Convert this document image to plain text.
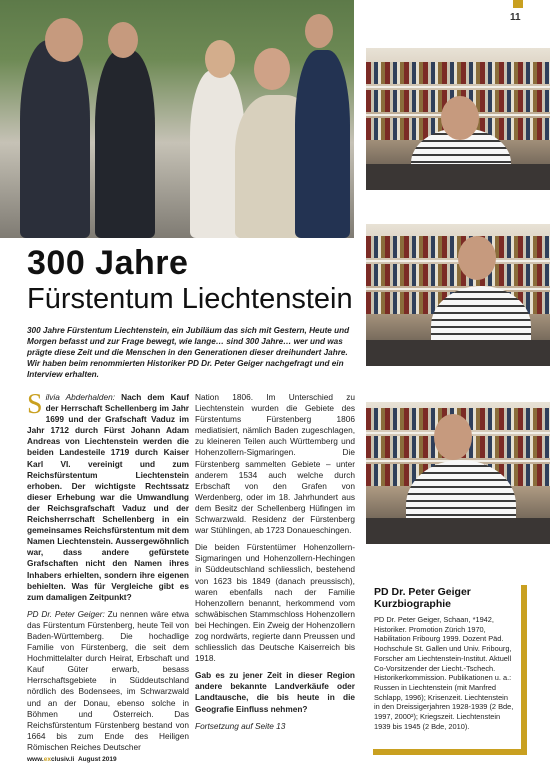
11
300 Jahre
Fürstentum Liechtenstein
300 Jahre Fürstentum Liechtenstein, ein Jubiläum das sich mit Gestern, Heute und Morgen befasst und zur Frage bewegt, wie lange… sind 300 Jahre… wer und was prägte diese Zeit und die Menschen in den Generationen dieser dreihundert Jahre. Wir haben beim renommierten Historiker PD Dr. Peter Geiger nachgefragt und ein Interview erhalten.

Silvia Abderhalden: Nach dem Kauf der Herrschaft Schellenberg im Jahr 1699 und der Grafschaft Vaduz im Jahr 1712 durch Fürst Johann Adam Andreas von Liechtenstein werden die beiden Landesteile 1719 durch Kaiser Karl VI. vereinigt und zum Reichsfürstentum Liechtenstein erhoben. Der wichtigste Rechtssatz dieser Erhebung war die Umwandlung der Reichsgrafschaft Vaduz und der Reichsherrschaft Schellenberg in ein gemeinsames Reichsfürstentum mit dem Namen Liechtenstein. Aussergewöhnlich war, dass andere gefürstete Grafschaften nicht den Namen ihres Inhabers erhielten, sondern ihre eigenen behielten. Was für Vergleiche gibt es zum damaligen Zeitpunkt?

PD Dr. Peter Geiger: Zu nennen wäre etwa das Fürstentum Fürstenberg, heute Teil von Baden-Württemberg. Die hochadlige Familie von Fürstenberg, die seit dem Hochmittelalter durch Heirat, Erbschaft und Kauf Güter erwarb, besass Herrschaftsgebiete in Süddeutschland nördlich des Bodensees, im Schwarzwald und an der Donau, ebenso solche in Böhmen und Österreich. Das Reichsfürstentum Fürstenberg bestand von 1664 bis zum Ende des Heiligen Römischen Reiches Deutscher

Nation 1806. Im Unterschied zu Liechtenstein wurden die Gebiete des Fürstentums Fürstenberg 1806 mediatisiert, nämlich Baden zugeschlagen, zu kleineren Teilen auch Württemberg und Hohenzollern-Sigmaringen. Die Fürstenberg sammelten Gebiete – unter anderem 1534 auch welche durch Erbschaft von den Grafen von Werdenberg, oder im 18. Jahrhundert aus dem Besitz der Schellenberg Hüfingen im Schwarzwald. Residenz der Fürstenberg war Stühlingen, ab 1723 Donaueschingen.

Die beiden Fürstentümer Hohenzollern-Sigmaringen und Hohenzollern-Hechingen in Süddeutschland schliesslich, bestehend von 1623 bis 1849 (danach preussisch), waren ebenfalls nach der Familie Hohenzollern benannt, herkommend vom schwäbischen Stammschloss Hohenzollern bei Hechingen. Ein Zweig der Hohenzollern zog nordwärts, regierte dann Preussen und schliesslich das Deutsche Kaiserreich bis 1918.

Gab es zu jener Zeit in dieser Region andere bekannte Landverkäufe oder Landtausche, die bis heute in die Geografie Einfluss nehmen?

Fortsetzung auf Seite 13

PD Dr. Peter Geiger
Kurzbiographie

PD Dr. Peter Geiger, Schaan, *1942, Historiker. Promotion Zürich 1970, Habilitation Fribourg 1999. Dozent Päd. Hochschule St. Gallen und Univ. Fribourg, Forscher am Liechtenstein-Institut. Aktuell Co-Vorsitzender der Liecht.-Tschech. Historikerkommission. Publikationen u. a.: Russen in Liechtenstein (mit Manfred Schlapp, 1996); Krisenzeit. Liechtenstein in den Dreissigerjahren 1928-1939 (2 Bde, 1997, 2000²); Kriegszeit. Liechtenstein 1939 bis 1945 (2 Bde, 2010).

www.exclusiv.li August 2019
